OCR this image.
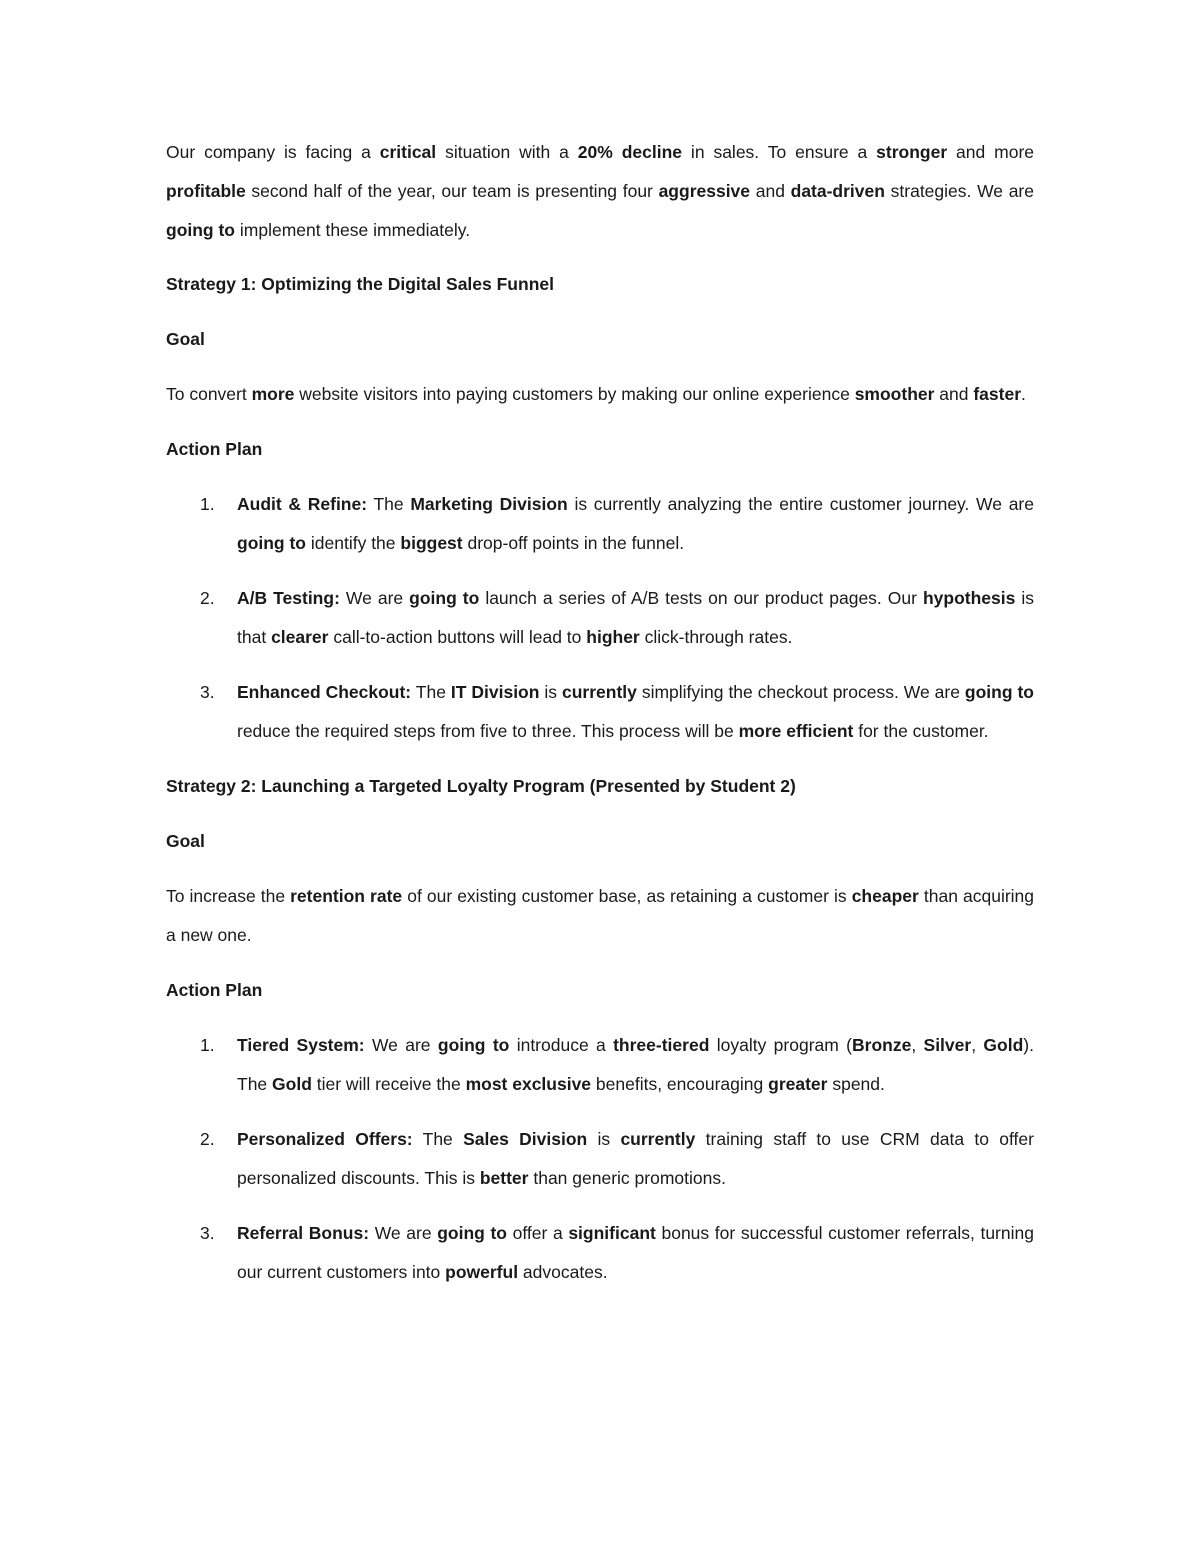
Our company is facing a critical situation with a 20% decline in sales. To ensure a stronger and more profitable second half of the year, our team is presenting four aggressive and data-driven strategies. We are going to implement these immediately.

Strategy 1: Optimizing the Digital Sales Funnel

Goal

To convert more website visitors into paying customers by making our online experience smoother and faster.

Action Plan

1. Audit & Refine: The Marketing Division is currently analyzing the entire customer journey. We are going to identify the biggest drop-off points in the funnel.
2. A/B Testing: We are going to launch a series of A/B tests on our product pages. Our hypothesis is that clearer call-to-action buttons will lead to higher click-through rates.
3. Enhanced Checkout: The IT Division is currently simplifying the checkout process. We are going to reduce the required steps from five to three. This process will be more efficient for the customer.

Strategy 2: Launching a Targeted Loyalty Program (Presented by Student 2)

Goal

To increase the retention rate of our existing customer base, as retaining a customer is cheaper than acquiring a new one.

Action Plan

1. Tiered System: We are going to introduce a three-tiered loyalty program (Bronze, Silver, Gold). The Gold tier will receive the most exclusive benefits, encouraging greater spend.
2. Personalized Offers: The Sales Division is currently training staff to use CRM data to offer personalized discounts. This is better than generic promotions.
3. Referral Bonus: We are going to offer a significant bonus for successful customer referrals, turning our current customers into powerful advocates.
